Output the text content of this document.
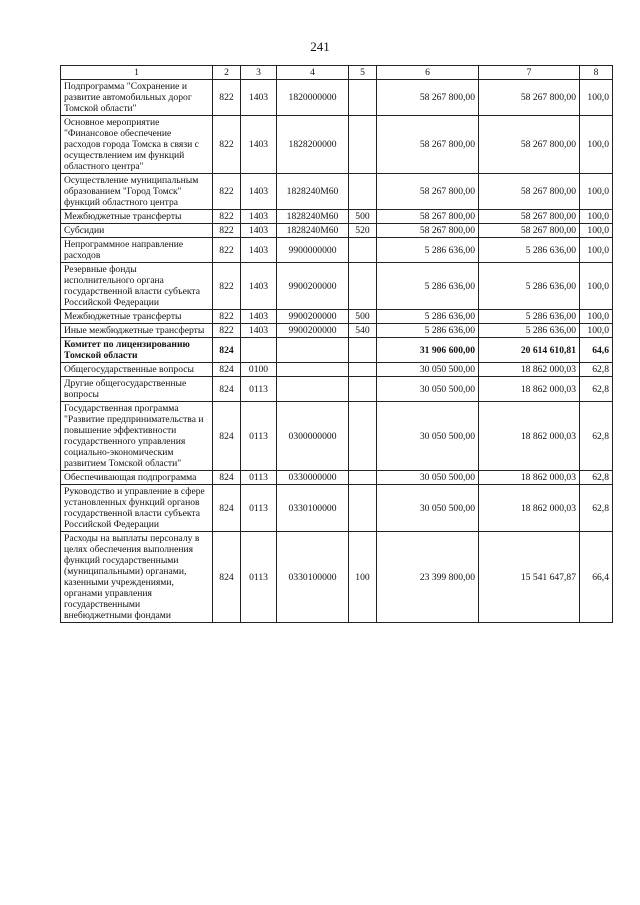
241
1	2	3	4	5	6	7	8
Подпрограмма "Сохранение и развитие автомобильных дорог Томской области"	822	1403	1820000000		58 267 800,00	58 267 800,00	100,0
Основное мероприятие "Финансовое обеспечение расходов города Томска в связи с осуществлением им функций областного центра"	822	1403	1828200000		58 267 800,00	58 267 800,00	100,0
Осуществление муниципальным образованием "Город Томск" функций областного центра	822	1403	1828240М60		58 267 800,00	58 267 800,00	100,0
Межбюджетные трансферты	822	1403	1828240М60	500	58 267 800,00	58 267 800,00	100,0
Субсидии	822	1403	1828240М60	520	58 267 800,00	58 267 800,00	100,0
Непрограммное направление расходов	822	1403	9900000000		5 286 636,00	5 286 636,00	100,0
Резервные фонды исполнительного органа государственной власти субъекта Российской Федерации	822	1403	9900200000		5 286 636,00	5 286 636,00	100,0
Межбюджетные трансферты	822	1403	9900200000	500	5 286 636,00	5 286 636,00	100,0
Иные межбюджетные трансферты	822	1403	9900200000	540	5 286 636,00	5 286 636,00	100,0
Комитет по лицензированию Томской области	824				31 906 600,00	20 614 610,81	64,6
Общегосударственные вопросы	824	0100			30 050 500,00	18 862 000,03	62,8
Другие общегосударственные вопросы	824	0113			30 050 500,00	18 862 000,03	62,8
Государственная программа "Развитие предпринимательства и повышение эффективности государственного управления социально-экономическим развитием Томской области"	824	0113	0300000000		30 050 500,00	18 862 000,03	62,8
Обеспечивающая подпрограмма	824	0113	0330000000		30 050 500,00	18 862 000,03	62,8
Руководство и управление в сфере установленных функций органов государственной власти субъекта Российской Федерации	824	0113	0330100000		30 050 500,00	18 862 000,03	62,8
Расходы на выплаты персоналу в целях обеспечения выполнения функций государственными (муниципальными) органами, казенными учреждениями, органами управления государственными внебюджетными фондами	824	0113	0330100000	100	23 399 800,00	15 541 647,87	66,4
